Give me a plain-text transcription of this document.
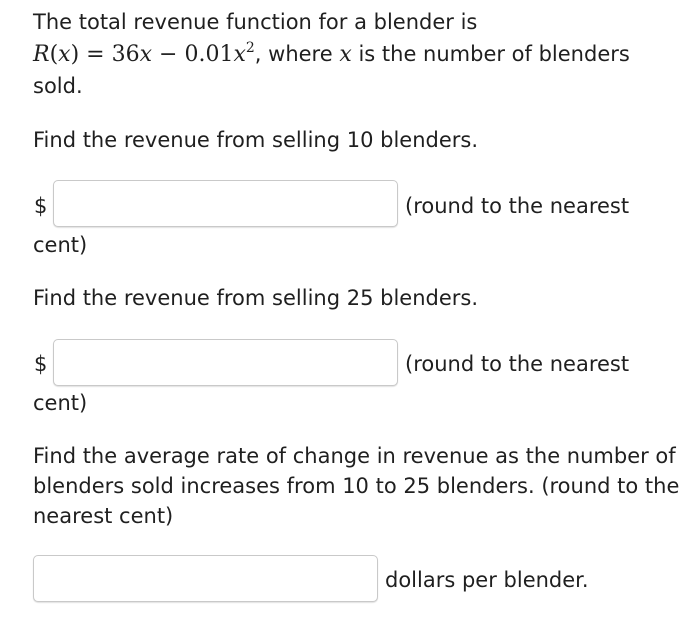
The total revenue function for a blender is
$R(x) = 36x - 0.01x^2$, where x is the number of blenders
sold.
Find the revenue from selling 10 blenders.
$	(round to the nearest
cent)
Find the revenue from selling 25 blenders.
$	(round to the nearest
cent)
Find the average rate of change in revenue as the number of
blenders sold increases from 10 to 25 blenders. (round to the
nearest cent)
dollars per blender.
